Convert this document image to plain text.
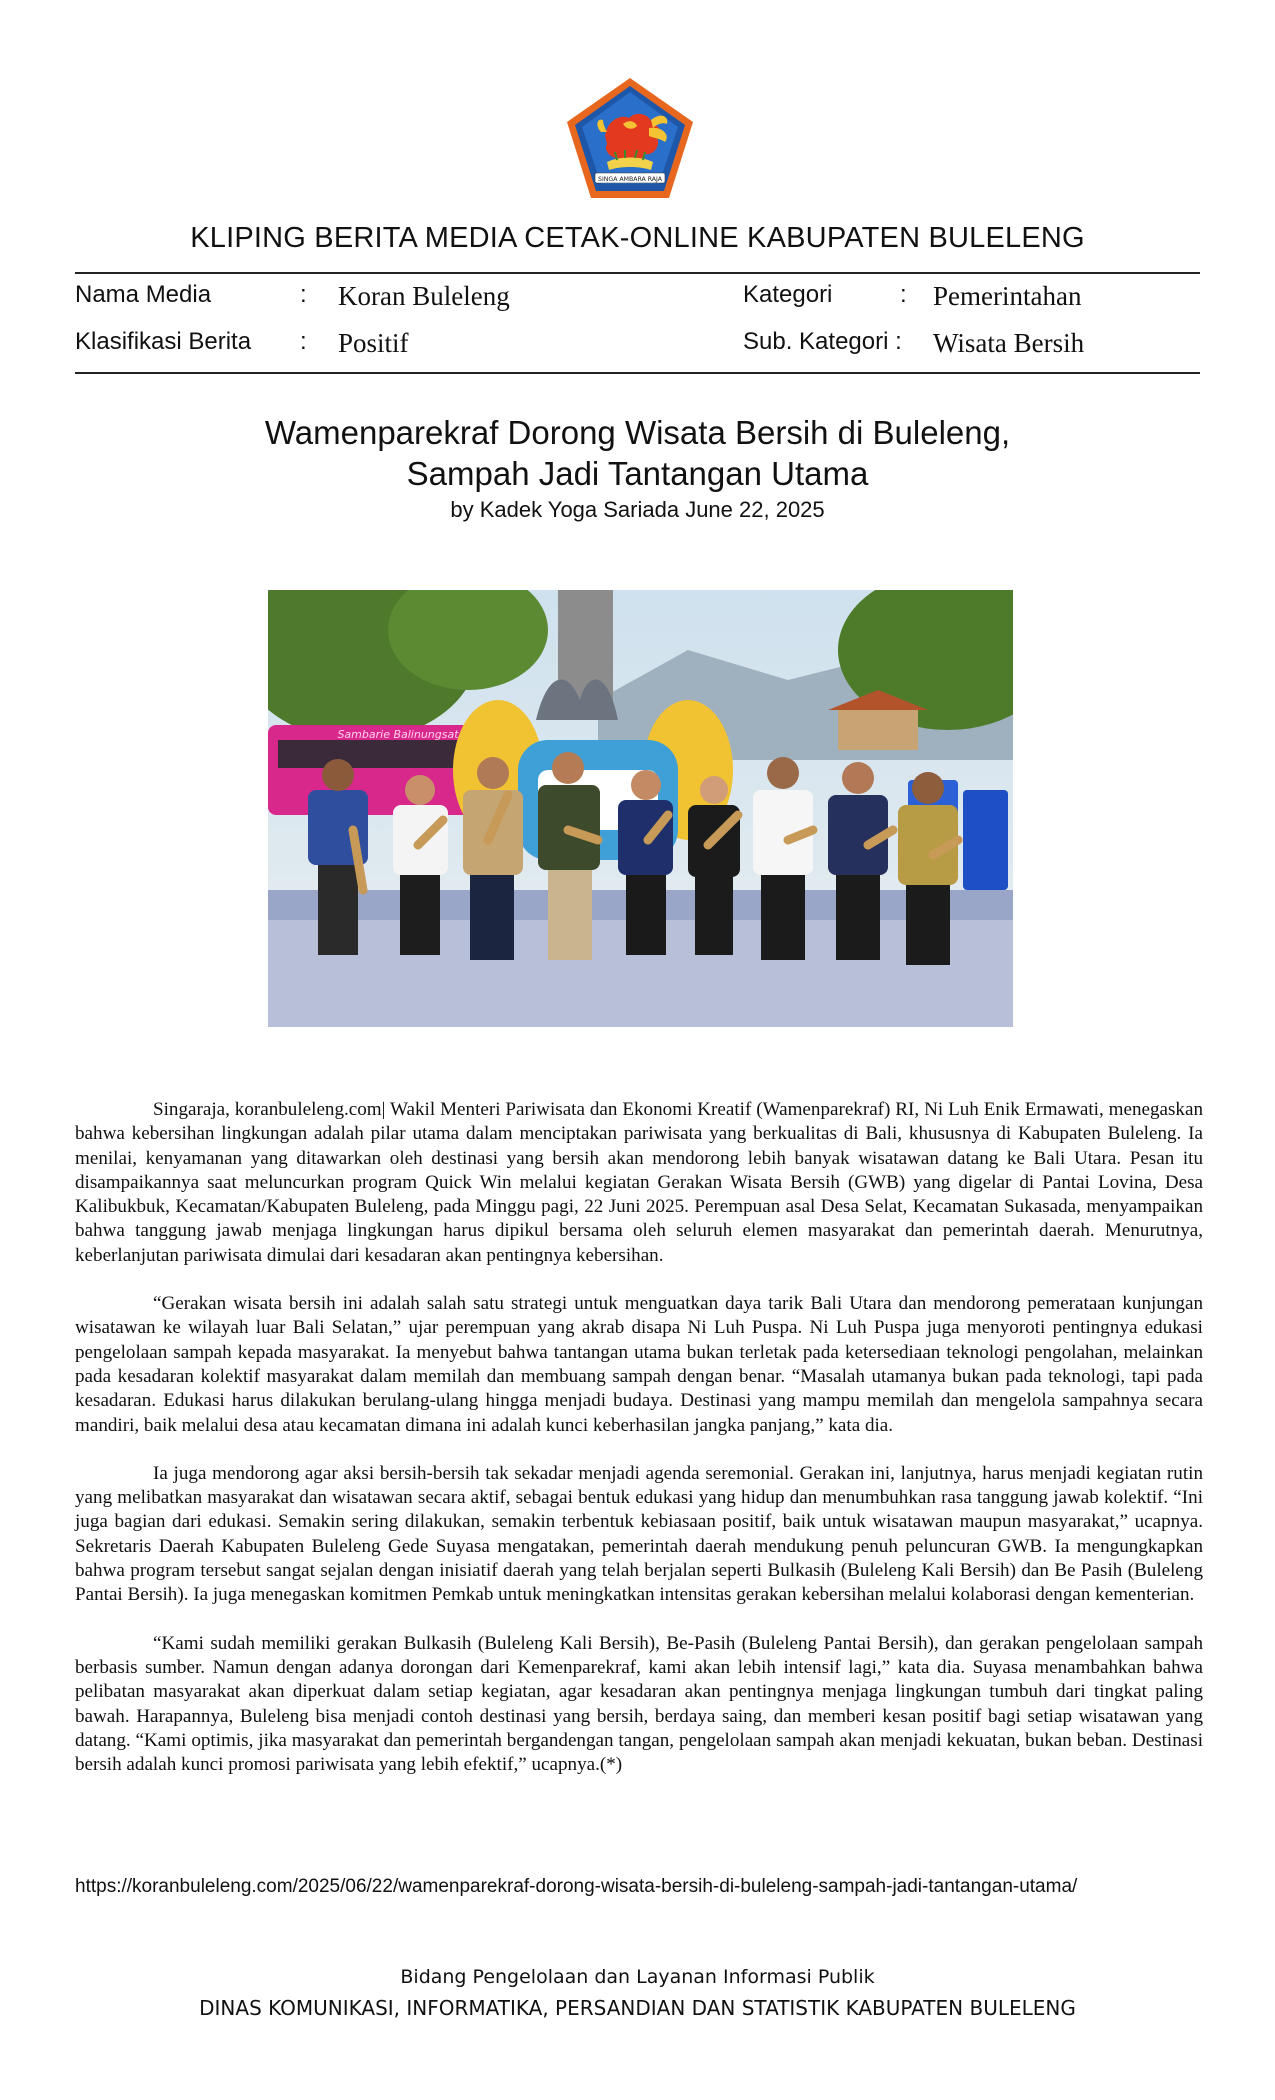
SINGA AMBARA RAJA
KLIPING BERITA MEDIA CETAK-ONLINE KABUPATEN BULELENG
Nama Media	: Koran Buleleng
Klasifikasi Berita : Positif
Kategori	: Pemerintahan
Sub. Kategori : Wisata Bersih
Wamenparekraf Dorong Wisata Bersih di Buleleng,
Sampah Jadi Tantangan Utama
by Kadek Yoga Sariada June 22, 2025
Sambarie Balinungsat

Singaraja, koranbuleleng.com| Wakil Menteri Pariwisata dan Ekonomi Kreatif (Wamenparekraf) RI, Ni Luh Enik Ermawati, menegaskan bahwa kebersihan lingkungan adalah pilar utama dalam menciptakan pariwisata yang berkualitas di Bali, khususnya di Kabupaten Buleleng. Ia menilai, kenyamanan yang ditawarkan oleh destinasi yang bersih akan mendorong lebih banyak wisatawan datang ke Bali Utara. Pesan itu disampaikannya saat meluncurkan program Quick Win melalui kegiatan Gerakan Wisata Bersih (GWB) yang digelar di Pantai Lovina, Desa Kalibukbuk, Kecamatan/Kabupaten Buleleng, pada Minggu pagi, 22 Juni 2025. Perempuan asal Desa Selat, Kecamatan Sukasada, menyampaikan bahwa tanggung jawab menjaga lingkungan harus dipikul bersama oleh seluruh elemen masyarakat dan pemerintah daerah. Menurutnya, keberlanjutan pariwisata dimulai dari kesadaran akan pentingnya kebersihan.

“Gerakan wisata bersih ini adalah salah satu strategi untuk menguatkan daya tarik Bali Utara dan mendorong pemerataan kunjungan wisatawan ke wilayah luar Bali Selatan,” ujar perempuan yang akrab disapa Ni Luh Puspa. Ni Luh Puspa juga menyoroti pentingnya edukasi pengelolaan sampah kepada masyarakat. Ia menyebut bahwa tantangan utama bukan terletak pada ketersediaan teknologi pengolahan, melainkan pada kesadaran kolektif masyarakat dalam memilah dan membuang sampah dengan benar. “Masalah utamanya bukan pada teknologi, tapi pada kesadaran. Edukasi harus dilakukan berulang-ulang hingga menjadi budaya. Destinasi yang mampu memilah dan mengelola sampahnya secara mandiri, baik melalui desa atau kecamatan dimana ini adalah kunci keberhasilan jangka panjang,” kata dia.

Ia juga mendorong agar aksi bersih-bersih tak sekadar menjadi agenda seremonial. Gerakan ini, lanjutnya, harus menjadi kegiatan rutin yang melibatkan masyarakat dan wisatawan secara aktif, sebagai bentuk edukasi yang hidup dan menumbuhkan rasa tanggung jawab kolektif. “Ini juga bagian dari edukasi. Semakin sering dilakukan, semakin terbentuk kebiasaan positif, baik untuk wisatawan maupun masyarakat,” ucapnya. Sekretaris Daerah Kabupaten Buleleng Gede Suyasa mengatakan, pemerintah daerah mendukung penuh peluncuran GWB. Ia mengungkapkan bahwa program tersebut sangat sejalan dengan inisiatif daerah yang telah berjalan seperti Bulkasih (Buleleng Kali Bersih) dan Be Pasih (Buleleng Pantai Bersih). Ia juga menegaskan komitmen Pemkab untuk meningkatkan intensitas gerakan kebersihan melalui kolaborasi dengan kementerian.

“Kami sudah memiliki gerakan Bulkasih (Buleleng Kali Bersih), Be-Pasih (Buleleng Pantai Bersih), dan gerakan pengelolaan sampah berbasis sumber. Namun dengan adanya dorongan dari Kemenparekraf, kami akan lebih intensif lagi,” kata dia. Suyasa menambahkan bahwa pelibatan masyarakat akan diperkuat dalam setiap kegiatan, agar kesadaran akan pentingnya menjaga lingkungan tumbuh dari tingkat paling bawah. Harapannya, Buleleng bisa menjadi contoh destinasi yang bersih, berdaya saing, dan memberi kesan positif bagi setiap wisatawan yang datang. “Kami optimis, jika masyarakat dan pemerintah bergandengan tangan, pengelolaan sampah akan menjadi kekuatan, bukan beban. Destinasi bersih adalah kunci promosi pariwisata yang lebih efektif,” ucapnya.(*)

https://koranbuleleng.com/2025/06/22/wamenparekraf-dorong-wisata-bersih-di-buleleng-sampah-jadi-tantangan-utama/
Bidang Pengelolaan dan Layanan Informasi Publik
DINAS KOMUNIKASI, INFORMATIKA, PERSANDIAN DAN STATISTIK KABUPATEN BULELENG
